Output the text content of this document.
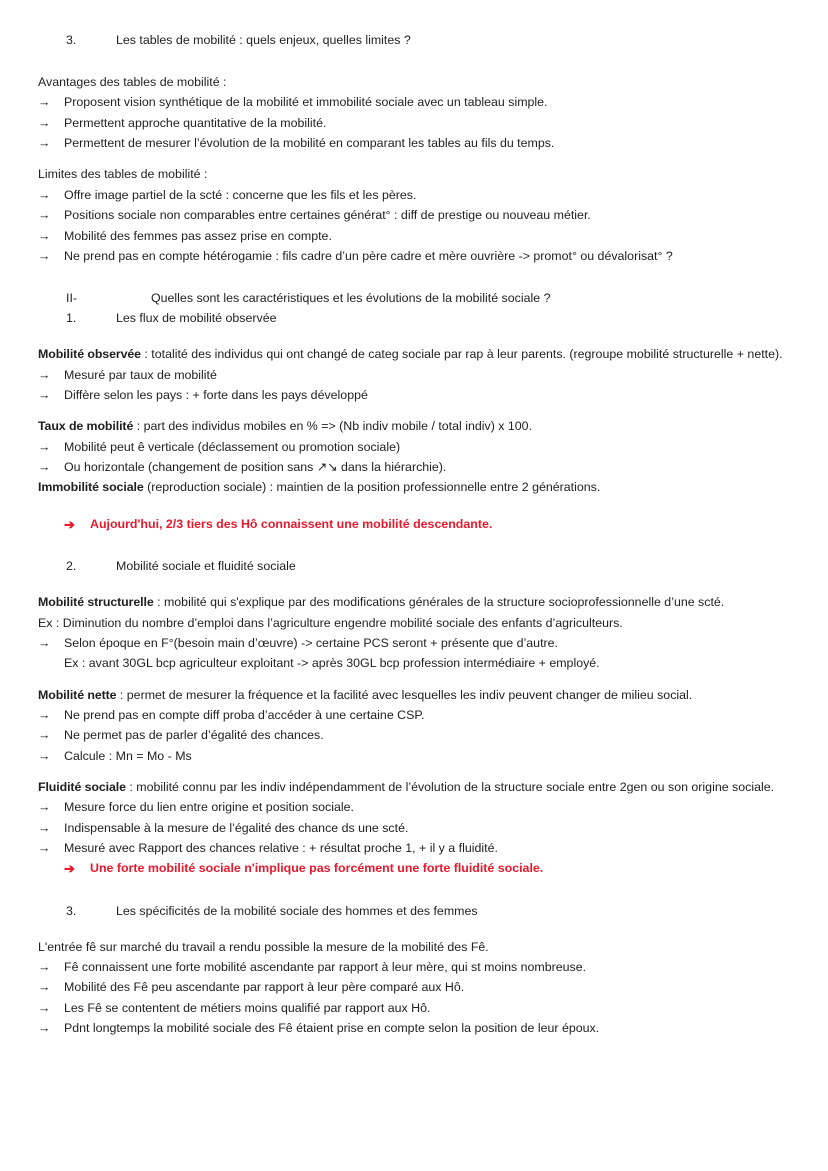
3.	Les tables de mobilité : quels enjeux, quelles limites ?

Avantages des tables de mobilité :

→ Proposent vision synthétique de la mobilité et immobilité sociale avec un tableau simple.

→ Permettent approche quantitative de la mobilité.

→ Permettent de mesurer l’évolution de la mobilité en comparant les tables au fils du temps.

Limites des tables de mobilité :

→ Offre image partiel de la scté : concerne que les fils et les pères.

→ Positions sociale non comparables entre certaines générat° : diff de prestige ou nouveau métier.

→ Mobilité des femmes pas assez prise en compte.

→ Ne prend pas en compte hétérogamie : fils cadre d’un père cadre et mère ouvrière -> promot° ou dévalorisat° ?

II-	Quelles sont les caractéristiques et les évolutions de la mobilité sociale ?
1.	Les flux de mobilité observée

Mobilité observée : totalité des individus qui ont changé de categ sociale par rap à leur parents. (regroupe mobilité structurelle + nette).

→ Mesuré par taux de mobilité

→ Diffère selon les pays : + forte dans les pays développé

Taux de mobilité : part des individus mobiles en % => (Nb indiv mobile / total indiv) x 100.

→ Mobilité peut ê verticale (déclassement ou promotion sociale)

→ Ou horizontale (changement de position sans ↗↘ dans la hiérarchie).

Immobilité sociale (reproduction sociale) : maintien de la position professionnelle entre 2 générations.

➔ Aujourd'hui, 2/3 tiers des Hô connaissent une mobilité descendante.

2.	Mobilité sociale et fluidité sociale

Mobilité structurelle : mobilité qui s'explique par des modifications générales de la structure socioprofessionnelle d’une scté.

Ex : Diminution du nombre d’emploi dans l’agriculture engendre mobilité sociale des enfants d’agriculteurs.

→ Selon époque en F°(besoin main d’œuvre) -> certaine PCS seront + présente que d’autre.

Ex : avant 30GL bcp agriculteur exploitant -> après 30GL bcp profession intermédiaire + employé.

Mobilité nette : permet de mesurer la fréquence et la facilité avec lesquelles les indiv peuvent changer de milieu social.

→ Ne prend pas en compte diff proba d’accéder à une certaine CSP.

→ Ne permet pas de parler d’égalité des chances.

→ Calcule : Mn = Mo - Ms

Fluidité sociale : mobilité connu par les indiv indépendamment de l’évolution de la structure sociale entre 2gen ou son origine sociale.

→ Mesure force du lien entre origine et position sociale.

→ Indispensable à la mesure de l’égalité des chance ds une scté.

→ Mesuré avec Rapport des chances relative : + résultat proche 1, + il y a fluidité.

➔ Une forte mobilité sociale n'implique pas forcément une forte fluidité sociale.

3.	Les spécificités de la mobilité sociale des hommes et des femmes

L'entrée fê sur marché du travail a rendu possible la mesure de la mobilité des Fê.

→ Fê connaissent une forte mobilité ascendante par rapport à leur mère, qui st moins nombreuse.

→ Mobilité des Fê peu ascendante par rapport à leur père comparé aux Hô.

→ Les Fê se contentent de métiers moins qualifié par rapport aux Hô.

→ Pdnt longtemps la mobilité sociale des Fê étaient prise en compte selon la position de leur époux.
